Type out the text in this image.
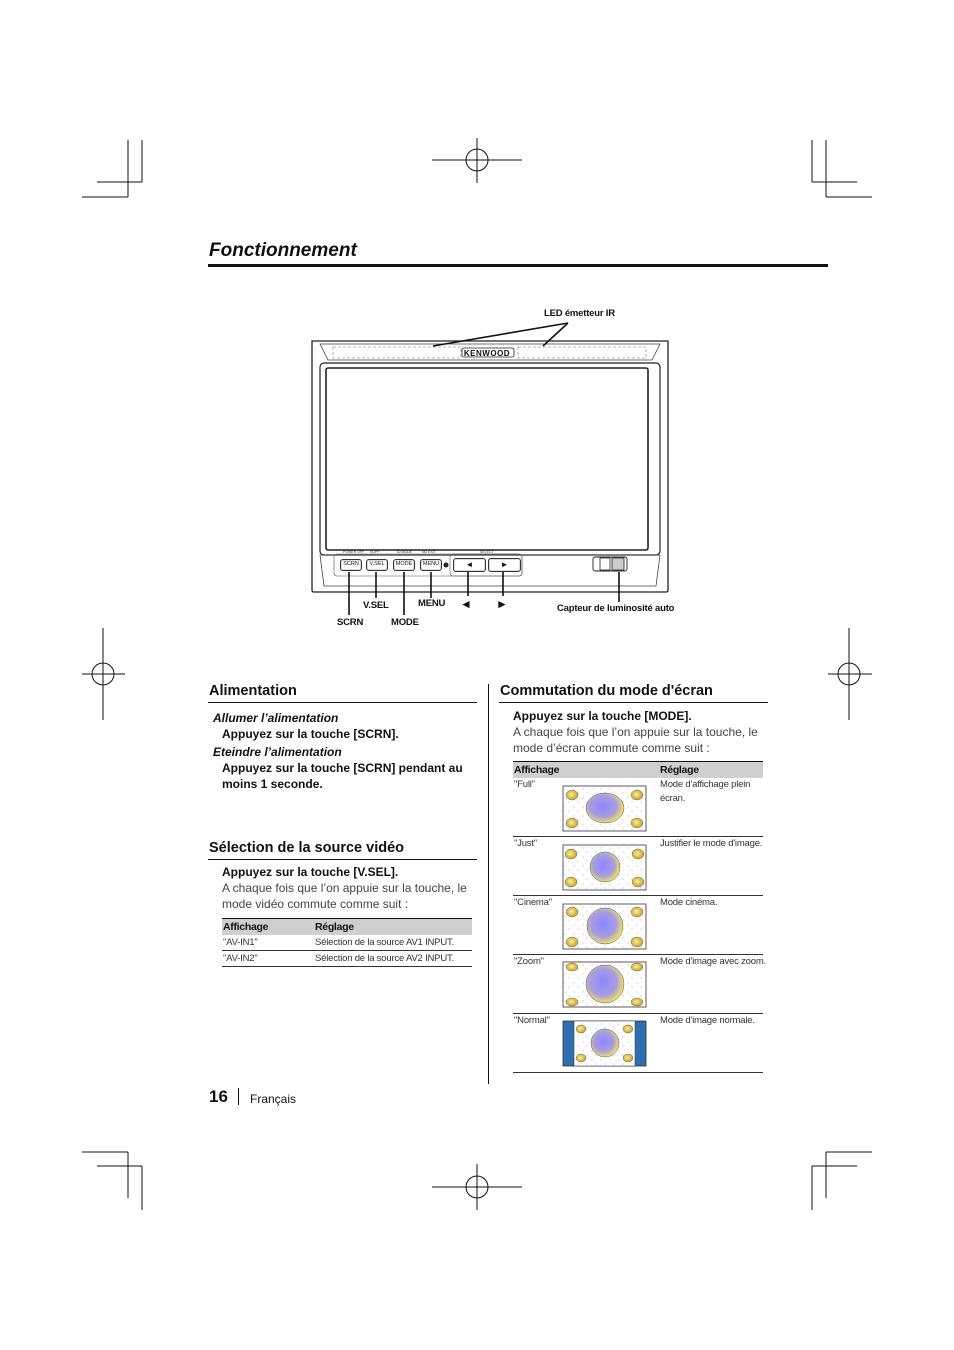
Fonctionnement
KENWOOD
LED émetteur IR
Capteur de luminosité auto
SCRN
V.SEL
MODE
MENU ◄ ►
SCRN	V.SEL	MODE	MENU	◄	►
POWER OFF SUPP	ID MODE	NO EXIT	SELECT
Alimentation
Allumer l’alimentation
Appuyez sur la touche [SCRN].
Eteindre l’alimentation
Appuyez sur la touche [SCRN] pendant au
moins 1 seconde.
Sélection de la source vidéo
Appuyez sur la touche [V.SEL].
A chaque fois que l’on appuie sur la touche, le
mode vidéo commute comme suit :
Affichage	Réglage
"AV-IN1"	Sélection de la source AV1 INPUT.
"AV-IN2"	Sélection de la source AV2 INPUT.
Commutation du mode d'écran
Appuyez sur la touche [MODE].
A chaque fois que l’on appuie sur la touche, le
mode d’écran commute comme suit :
Affichage	Réglage
"Full"	Mode d'affichage plein
écran.
"Just"	Justifier le mode d'image.
"Cinema"	Mode cinéma.
"Zoom"	Mode d'image avec zoom.
"Normal"	Mode d'image normale.
16 Français
